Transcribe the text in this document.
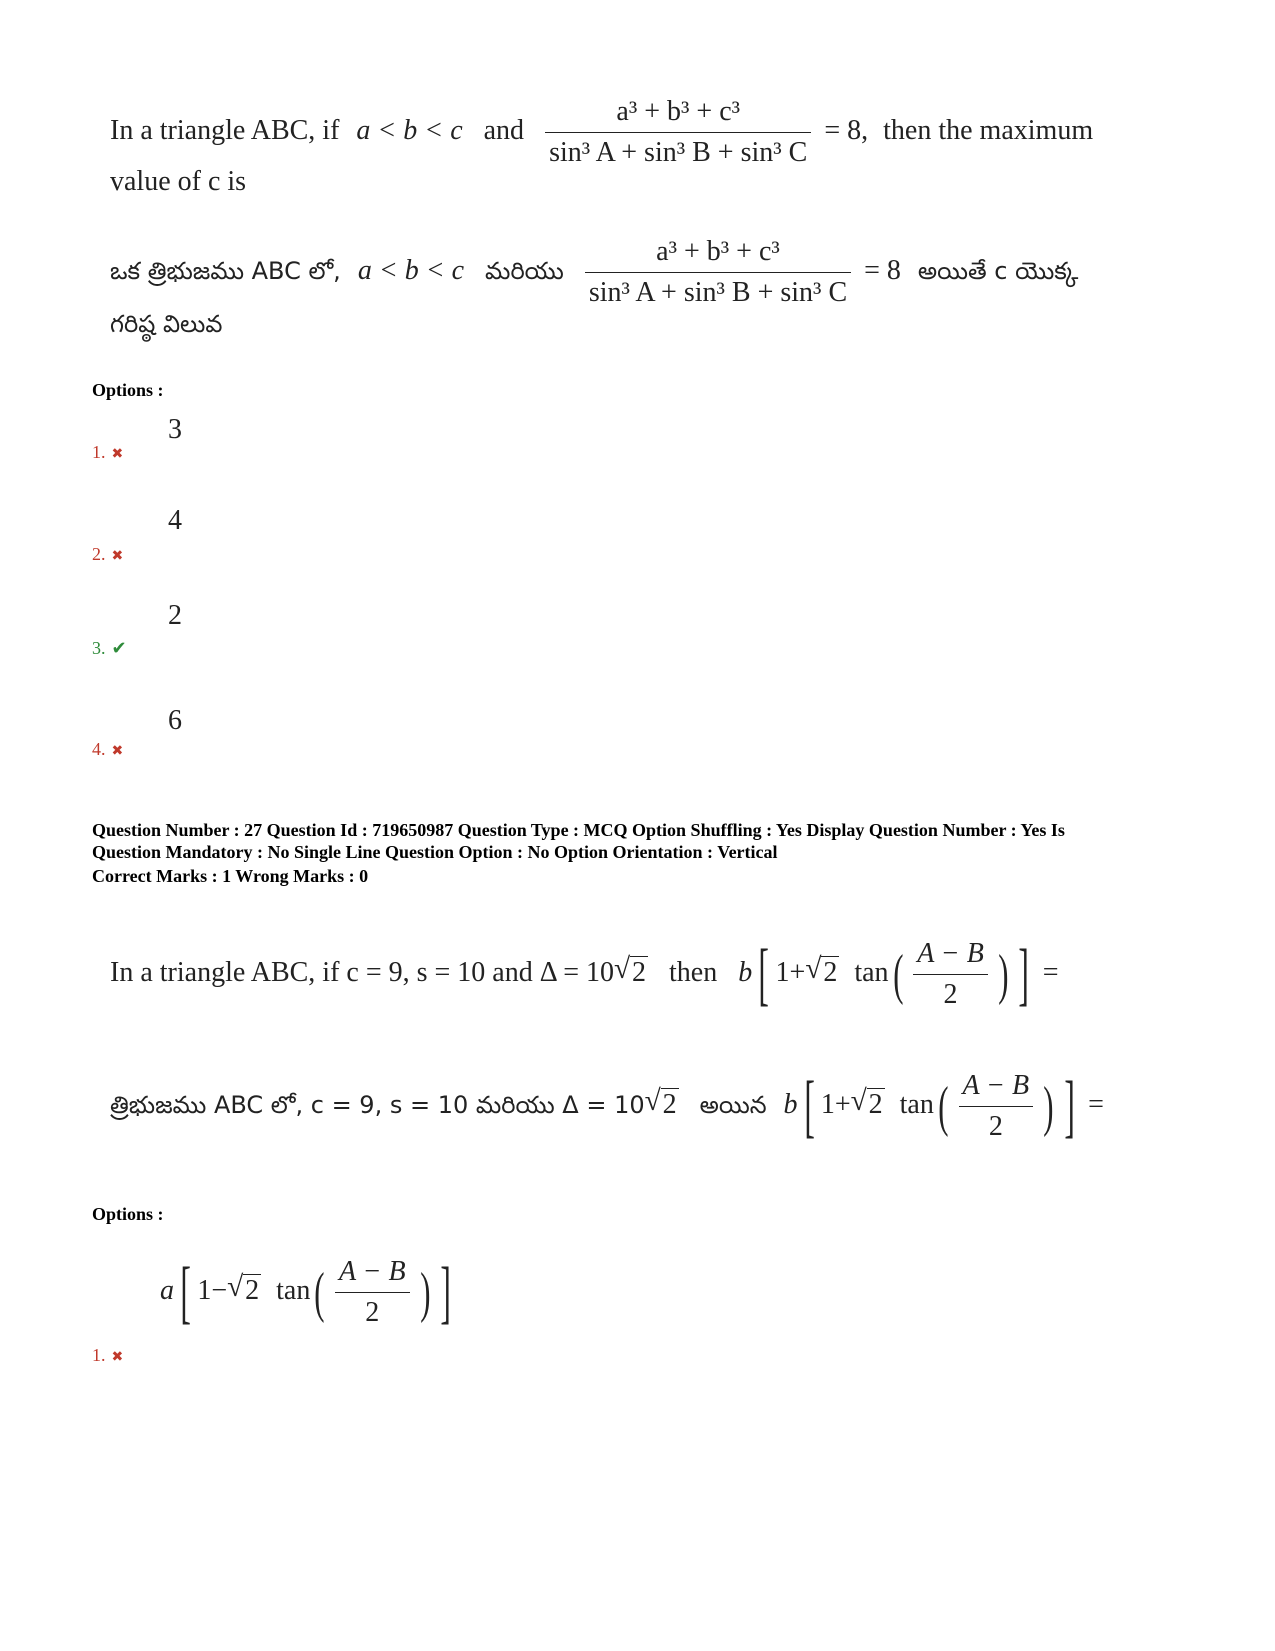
In a triangle ABC, if a < b < c and $\frac{\text{a³ + b³ + c³}}{\text{sin³ A + sin³ B + sin³ C}} = 8$, then the maximum
value of c is
ఒక త్రిభుజము ABC లో, a < b < c మరియు $\frac{\text{a³ + b³ + c³}}{\text{sin³ A + sin³ B + sin³ C}} = 8$ అయితే c యొక్క
గరిష్ఠ విలువ
Options :
3
1. ✖
4
2. ✖
2
3. ✔
6
4. ✖
Question Number : 27 Question Id : 719650987 Question Type : MCQ Option Shuffling : Yes Display Question Number : Yes Is
Question Mandatory : No Single Line Question Option : No Option Orientation : Vertical
Correct Marks : 1 Wrong Marks : 0
In a triangle ABC, if c = 9, s = 10 and Δ = 10 √ 2 then b[ 1+ √ 2 $\tan( \frac{A - B}{2}$ ) ] =
త్రిభుజము ABC లో, c = 9, s = 10 మరియు Δ = 10 √ 2 అయిన b[ 1+ √ 2 $\tan( \frac{A - B}{2}$ ) ] =
Options :
a[ 1− √ 2 $\tan( \frac{A - B}{2}$ ) ]
1. ✖
